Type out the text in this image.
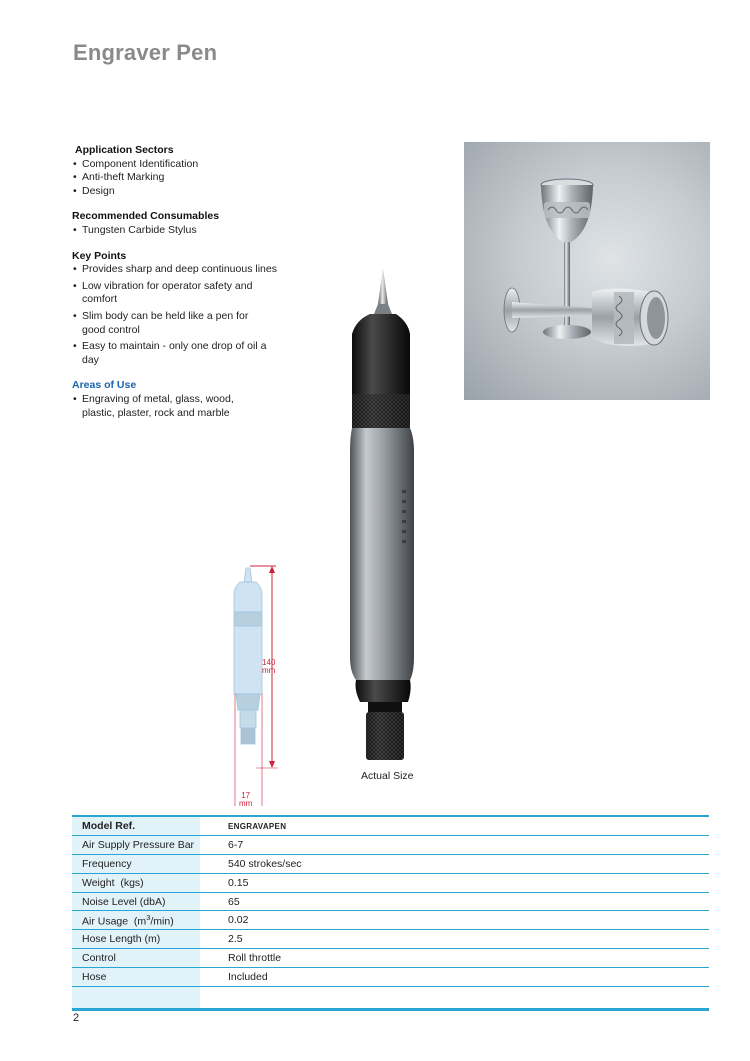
Engraver Pen
Application Sectors
• Component Identification
• Anti-theft Marking
• Design
Recommended Consumables
• Tungsten Carbide Stylus
Key Points
• Provides sharp and deep continuous lines
• Low vibration for operator safety and comfort
• Slim body can be held like a pen for good control
• Easy to maintain - only one drop of oil a day
Areas of Use
• Engraving of metal, glass, wood, plastic, plaster, rock and marble
140
mm
17
mm
Actual Size
Model Ref.	ENGRAVAPEN
Air Supply Pressure Bar	6-7
Frequency	540 strokes/sec
Weight  (kgs)	0.15
Noise Level (dbA)	65
Air Usage  $(m^3/\min)$	0.02
Hose Length (m)	2.5
Control	Roll throttle
Hose	Included

2
